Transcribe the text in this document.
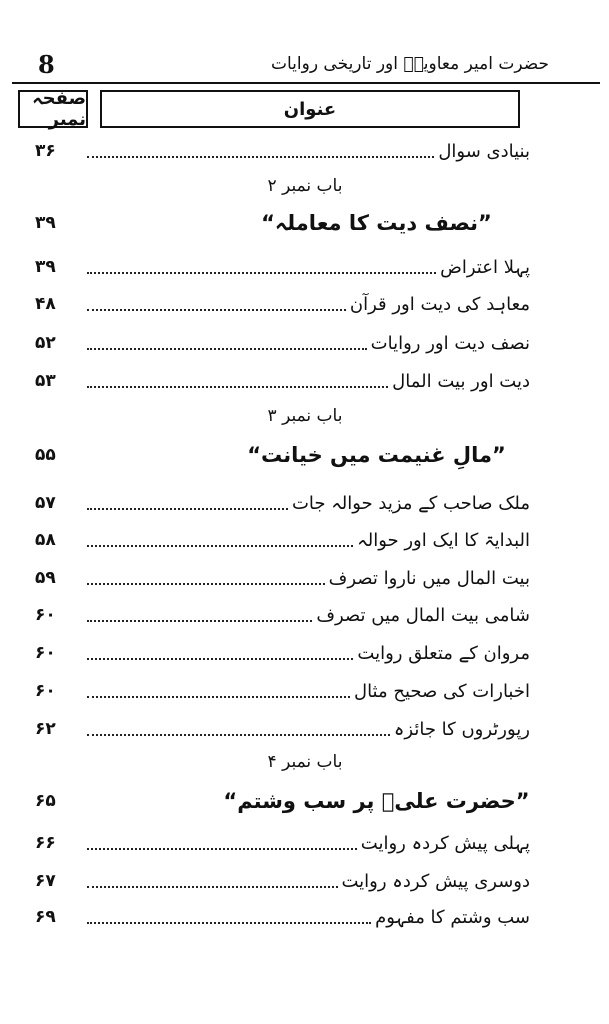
8	حضرت امیر معاویہؓ اور تاریخی روایات
عنوان
صفحہ نمبر
بنیادی سوال
۳۶
باب نمبر ۲
”نصف دیت کا معاملہ“
۳۹
پہلا اعتراض
۳۹
معاہد کی دیت اور قرآن
۴۸
نصف دیت اور روایات
۵۲
دیت اور بیت المال
۵۳
باب نمبر ۳
”مالِ غنیمت میں خیانت“
۵۵
ملک صاحب کے مزید حوالہ جات
۵۷
البدایۃ کا ایک اور حوالہ
۵۸
بیت المال میں ناروا تصرف
۵۹
شامی بیت المال میں تصرف
۶۰
مروان کے متعلق روایت
۶۰
اخبارات کی صحیح مثال
۶۰
رپورٹروں کا جائزہ
۶۲
باب نمبر ۴
”حضرت علیؓ پر سب وشتم“
۶۵
پہلی پیش کردہ روایت
۶۶
دوسری پیش کردہ روایت
۶۷
سب وشتم کا مفہوم
۶۹
